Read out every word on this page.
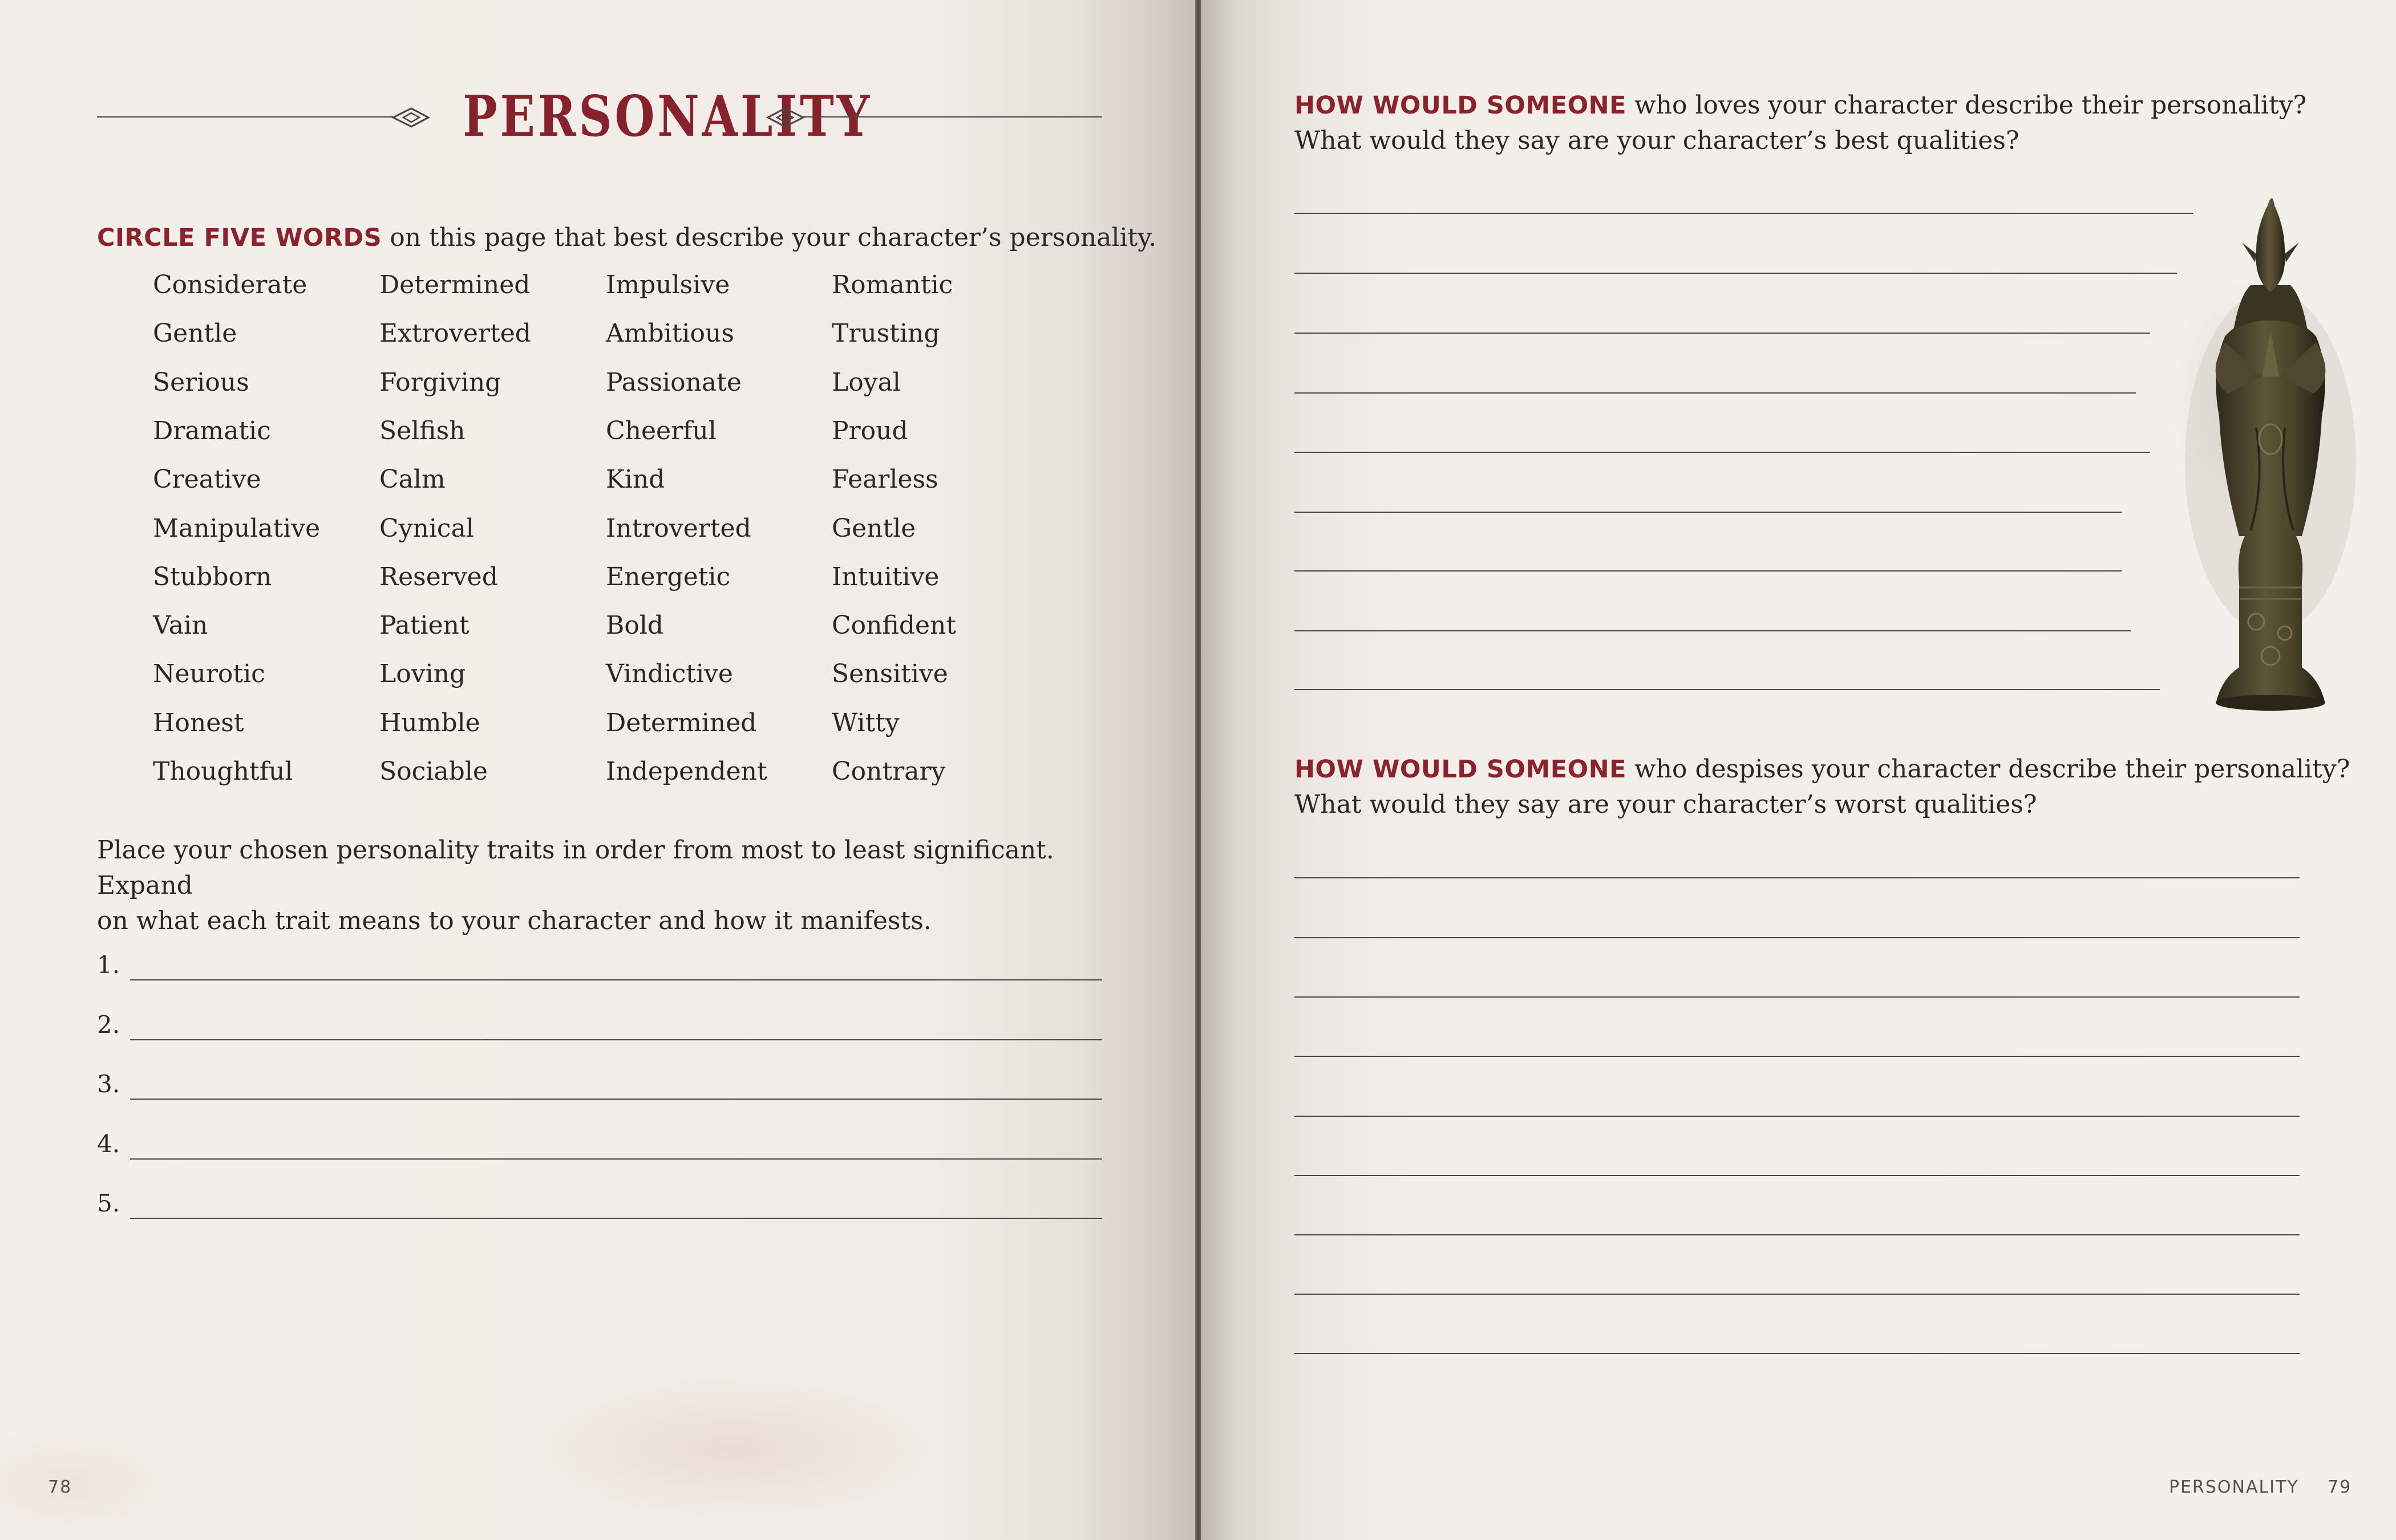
PERSONALITY
CIRCLE FIVE WORDS on this page that best describe your character’s personality.
Considerate
Gentle
Serious
Dramatic
Creative
Manipulative
Stubborn
Vain
Neurotic
Honest
Thoughtful
Determined
Extroverted
Forgiving
Selfish
Calm
Cynical
Reserved
Patient
Loving
Humble
Sociable
Impulsive
Ambitious
Passionate
Cheerful
Kind
Introverted
Energetic
Bold
Vindictive
Determined
Independent
Romantic
Trusting
Loyal
Proud
Fearless
Gentle
Intuitive
Confident
Sensitive
Witty
Contrary
Place your chosen personality traits in order from most to least significant. Expand
on what each trait means to your character and how it manifests.
1.
2.
3.
4.
5.
78
HOW WOULD SOMEONE who loves your character describe their personality?
What would they say are your character’s best qualities?
HOW WOULD SOMEONE who despises your character describe their personality?
What would they say are your character’s worst qualities?
PERSONALITY 79
